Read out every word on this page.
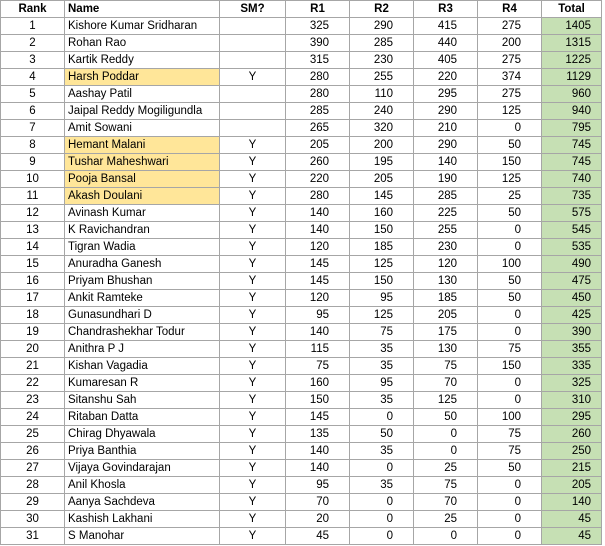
Rank	Name	SM?	R1	R2	R3	R4	Total
1	Kishore Kumar Sridharan		325	290	415	275	1405
2	Rohan Rao		390	285	440	200	1315
3	Kartik Reddy		315	230	405	275	1225
4	Harsh Poddar	Y	280	255	220	374	1129
5	Aashay Patil		280	110	295	275	960
6	Jaipal Reddy Mogiligundla		285	240	290	125	940
7	Amit Sowani		265	320	210	0	795
8	Hemant Malani	Y	205	200	290	50	745
9	Tushar Maheshwari	Y	260	195	140	150	745
10	Pooja Bansal	Y	220	205	190	125	740
11	Akash Doulani	Y	280	145	285	25	735
12	Avinash Kumar	Y	140	160	225	50	575
13	K Ravichandran	Y	140	150	255	0	545
14	Tigran Wadia	Y	120	185	230	0	535
15	Anuradha Ganesh	Y	145	125	120	100	490
16	Priyam Bhushan	Y	145	150	130	50	475
17	Ankit Ramteke	Y	120	95	185	50	450
18	Gunasundhari D	Y	95	125	205	0	425
19	Chandrashekhar Todur	Y	140	75	175	0	390
20	Anithra P J	Y	115	35	130	75	355
21	Kishan Vagadia	Y	75	35	75	150	335
22	Kumaresan R	Y	160	95	70	0	325
23	Sitanshu Sah	Y	150	35	125	0	310
24	Ritaban Datta	Y	145	0	50	100	295
25	Chirag Dhyawala	Y	135	50	0	75	260
26	Priya Banthia	Y	140	35	0	75	250
27	Vijaya Govindarajan	Y	140	0	25	50	215
28	Anil Khosla	Y	95	35	75	0	205
29	Aanya Sachdeva	Y	70	0	70	0	140
30	Kashish Lakhani	Y	20	0	25	0	45
31	S Manohar	Y	45	0	0	0	45
